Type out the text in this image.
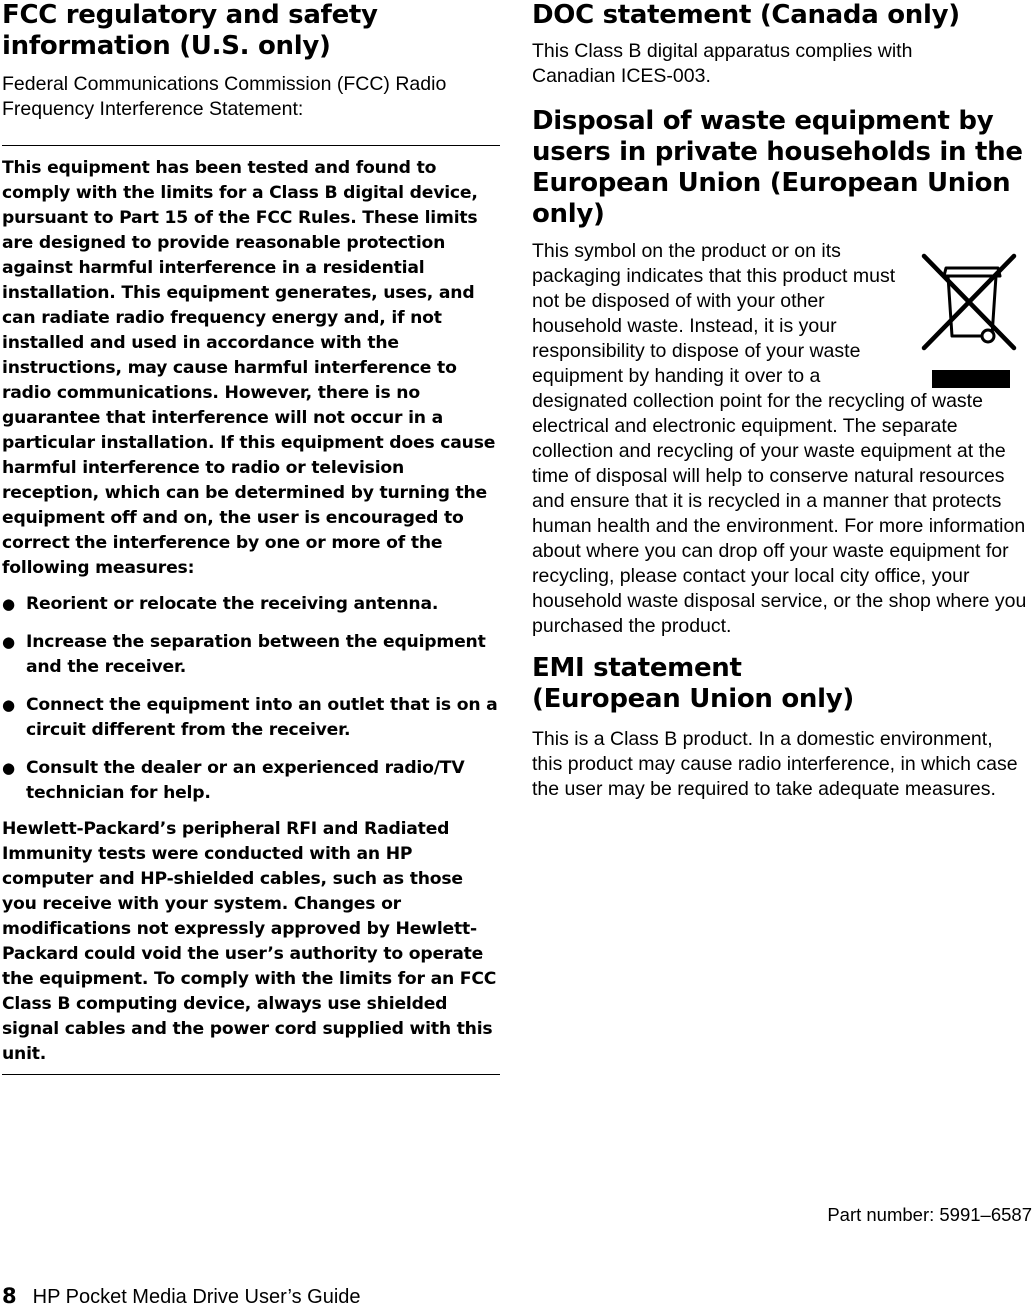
FCC regulatory and safety information (U.S. only)

Federal Communications Commission (FCC) Radio Frequency Interference Statement:

This equipment has been tested and found to comply with the limits for a Class B digital device, pursuant to Part 15 of the FCC Rules. These limits are designed to provide reasonable protection against harmful interference in a residential installation. This equipment generates, uses, and can radiate radio frequency energy and, if not installed and used in accordance with the instructions, may cause harmful interference to radio communications. However, there is no guarantee that interference will not occur in a particular installation. If this equipment does cause harmful interference to radio or television reception, which can be determined by turning the equipment off and on, the user is encouraged to correct the interference by one or more of the following measures:

● Reorient or relocate the receiving antenna.
● Increase the separation between the equipment and the receiver.
● Connect the equipment into an outlet that is on a circuit different from the receiver.
● Consult the dealer or an experienced radio/TV technician for help.

Hewlett-Packard’s peripheral RFI and Radiated Immunity tests were conducted with an HP computer and HP-shielded cables, such as those you receive with your system. Changes or modifications not expressly approved by Hewlett-Packard could void the user’s authority to operate the equipment. To comply with the limits for an FCC Class B computing device, always use shielded signal cables and the power cord supplied with this unit.

DOC statement (Canada only)

This Class B digital apparatus complies with Canadian ICES-003.

Disposal of waste equipment by users in private households in the European Union (European Union only)

This symbol on the product or on its packaging indicates that this product must not be disposed of with your other household waste. Instead, it is your responsibility to dispose of your waste equipment by handing it over to a designated collection point for the recycling of waste electrical and electronic equipment. The separate collection and recycling of your waste equipment at the time of disposal will help to conserve natural resources and ensure that it is recycled in a manner that protects human health and the environment. For more information about where you can drop off your waste equipment for recycling, please contact your local city office, your household waste disposal service, or the shop where you purchased the product.

EMI statement (European Union only)

This is a Class B product. In a domestic environment, this product may cause radio interference, in which case the user may be required to take adequate measures.

Part number: 5991–6587
8 HP Pocket Media Drive User’s Guide
